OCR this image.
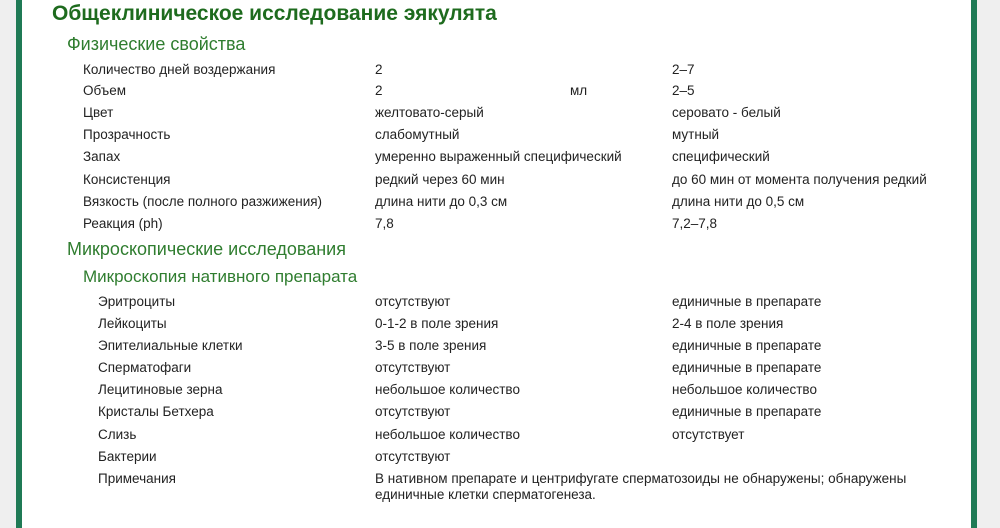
Общеклиническое исследование эякулята
Физические свойства
Количество дней воздержания	2	2–7
Объем	2	мл	2–5
Цвет	желтовато-серый	серовато - белый
Прозрачность	слабомутный	мутный
Запах	умеренно выраженный специфический	специфический
Консистенция	редкий через 60 мин	до 60 мин от момента получения редкий
Вязкость (после полного разжижения)	длина нити до 0,3 см	длина нити до 0,5 см
Реакция (ph)	7,8	7,2–7,8
Микроскопические исследования
Микроскопия нативного препарата
Эритроциты	отсутствуют	единичные в препарате
Лейкоциты	0-1-2 в поле зрения	2-4 в поле зрения
Эпителиальные клетки	3-5 в поле зрения	единичные в препарате
Сперматофаги	отсутствуют	единичные в препарате
Лецитиновые зерна	небольшое количество	небольшое количество
Кристалы Бетхера	отсутствуют	единичные в препарате
Слизь	небольшое количество	отсутствует
Бактерии	отсутствуют
Примечания	В нативном препарате и центрифугате сперматозоиды не обнаружены; обнаружены единичные клетки сперматогенеза.
